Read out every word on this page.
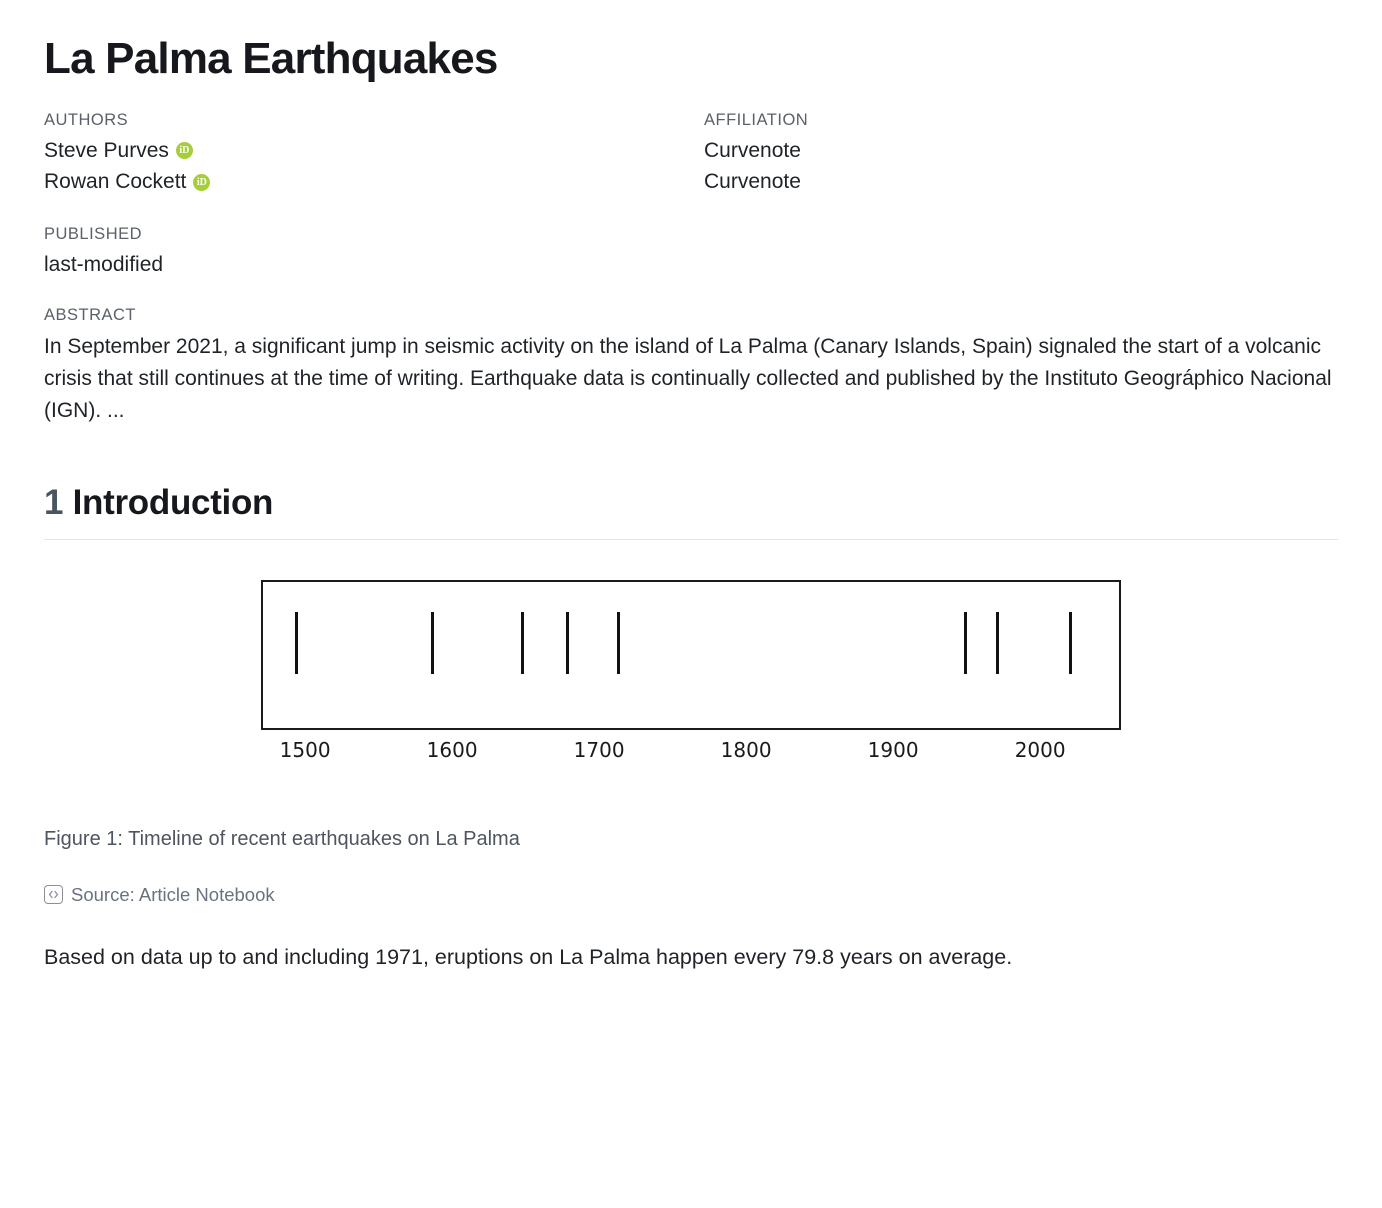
La Palma Earthquakes
AUTHORS
Steve Purves
iD
Rowan Cockett
iD
AFFILIATION
Curvenote
Curvenote
PUBLISHED
last-modified
ABSTRACT
In September 2021, a significant jump in seismic activity on the island of La Palma (Canary Islands, Spain) signaled the start of a volcanic crisis that still continues at the time of writing. Earthquake data is continually collected and published by the Instituto Geográphico Nacional (IGN). ...
1 Introduction
1500	1600	1700	1800	1900	2000
Figure 1: Timeline of recent earthquakes on La Palma
Source: Article Notebook
Based on data up to and including 1971, eruptions on La Palma happen every 79.8 years on average.
